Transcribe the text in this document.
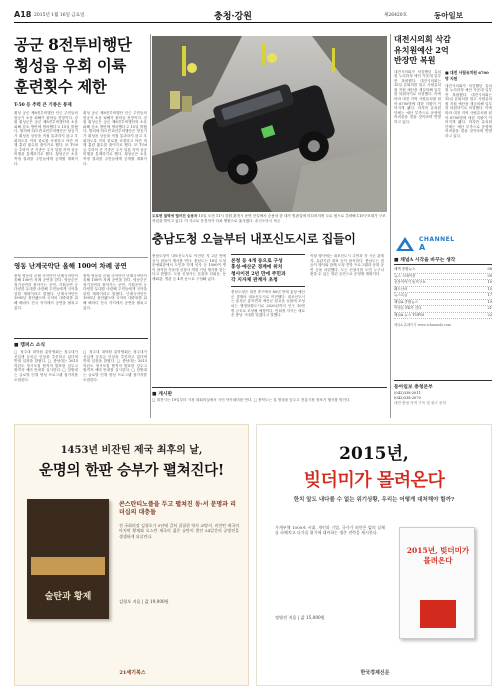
A18 2015년 1월 16일 금요일	충청·강원	제26420호	동아일보
공군 8전투비행단
횡성읍 우회 이륙
훈련횟수 제한
T-50 등 추력 큰 기종은 통제
횡성 공군 제8전투비행단 인근 주민들의 항공기 소음 피해가 줄어들 전망이다. 강원 횡성군은 공군 제8전투비행단과 소음 피해 감소 방안에 합의했다고 15일 밝혔다. 합의에 따르면 8전투비행단은 항공기가 횡성읍 상공을 직접 통과하지 않고 우회하도록 이륙 항로를 조정하고 야간 비행 훈련 횟수를 줄이기로 했다. 또 T-50 등 추력이 큰 기종은 주거 밀집 지역 상공 비행을 통제하기로 했다. 횡성군은 소음 측정 결과를 주민들에게 공개할 계획이다.
횡성 공군 제8전투비행단 인근 주민들의 항공기 소음 피해가 줄어들 전망이다. 강원 횡성군은 공군 제8전투비행단과 소음 피해 감소 방안에 합의했다고 15일 밝혔다. 합의에 따르면 8전투비행단은 항공기가 횡성읍 상공을 직접 통과하지 않고 우회하도록 이륙 항로를 조정하고 야간 비행 훈련 횟수를 줄이기로 했다. 또 T-50 등 추력이 큰 기종은 주거 밀집 지역 상공 비행을 통제하기로 했다. 횡성군은 소음 측정 결과를 주민들에게 공개할 계획이다.
영동 난계국악단 올해 100여 차례 공연
충북 영동의 군립 국악단인 난계국악단이 올해 100여 차례 공연을 한다. 영동군은 정기공연과 찾아가는 공연, 기획공연 등 다양한 무대를 마련해 주민들에게 국악을 알릴 계획이라고 밝혔다. 난계국악단은 1991년 창단됐으며 국악의 대중화를 위해 해마다 전국 각지에서 공연을 펼치고 있다.
충북 영동의 군립 국악단인 난계국악단이 올해 100여 차례 공연을 한다. 영동군은 정기공연과 찾아가는 공연, 기획공연 등 다양한 무대를 마련해 주민들에게 국악을 알릴 계획이라고 밝혔다. 난계국악단은 1991년 창단됐으며 국악의 대중화를 위해 해마다 전국 각지에서 공연을 펼치고 있다.
■ 캠퍼스 소식
□ 청주대 대학원 총학생회는 청주대가 신입생 등록금 인상을 추진하고 있다며 반대 입장을 밝혔다. □ 충남대는 2015학년도 정시모집 합격자 발표를 앞두고 합격자 예비 안내를 실시한다. □ 한밭대는 글로벌 인재 양성 프로그램 참가자를 모집한다.
□ 청주대 대학원 총학생회는 청주대가 신입생 등록금 인상을 추진하고 있다며 반대 입장을 밝혔다. □ 충남대는 2015학년도 정시모집 합격자 발표를 앞두고 합격자 예비 안내를 실시한다. □ 한밭대는 글로벌 인재 양성 프로그램 참가자를 모집한다.
도로변 절벽에 떨어진 승용차 15일 오전 11시 강원 춘천시 동면 산길에서 승용차 한 대가 빙판길에 미끄러지며 도로 옆으로 추락해 119구조대가 구조 작업을 벌이고 있다. 이 사고로 운전자가 다쳐 병원으로 옮겨졌다. 춘천소방서 제공
충남도청 오늘부터 내포신도시로 집들이
충남도청이 내포신도시로 이전한 지 2년 만에 공식 집들이 행사를 연다. 충남도는 16일 도청 문예회관에서 도민과 각계 인사 등 1000여 명이 참석한 가운데 신청사 개청 기념 행사를 갖는다고 밝혔다. 도청 신청사는 본관과 의회동, 문예회관, 별관 등 4개 동으로 구성돼 있다.
본청 등 4개 동으로 구성
홍성·예산군 경계에 위치
청사이전 2년 만에 주민과
각 지자체 관계자 초청
충남도청은 대전 중구에서 80년 만에 홍성·예산군 경계의 내포신도시로 이전했다. 내포신도시는 홍성군 홍북면과 예산군 삽교읍 일원에 조성되는 행정복합도시로 2020년까지 인구 10만 명 규모로 조성될 예정이다. 안희정 지사는 새로운 충남 시대를 열겠다고 말했다.
이날 행사에는 내포신도시 주민과 각 시군 관계자, 유관기관 대표 등이 참석한다. 충남도는 집들이 행사와 함께 도청 견학 프로그램과 문화 공연 등을 마련했다. 도는 신청사를 도민 누구나 찾을 수 있는 열린 공간으로 운영할 계획이다.
■ 게시판
□ 대전시는 19일부터 시청 대회의실에서 시민 아카데미를 연다. □ 충북도는 설 명절을 앞두고 전통시장 장보기 행사를 벌인다.
대전시의회 삭감
유치원예산 2억
반장만 복원
대전시의회가 삭감했던 유치원 누리과정 예산 가운데 일부만 복원했다. 대전시의회는 15일 본회의를 열고 사립유치원 지원 예산을 재심의해 일부를 복원하기로 의결했다. 이에 따라 대전 지역 사립유치원 원아 6700명에 대한 지원이 이어지게 됐다. 하지만 유치원 단체는 예산 부족으로 운영에 어려움을 겪을 것이라며 반발하고 있다.
■ 대전 사립유치원 6700명 지원
대전시의회가 삭감했던 유치원 누리과정 예산 가운데 일부만 복원했다. 대전시의회는 15일 본회의를 열고 사립유치원 지원 예산을 재심의해 일부를 복원하기로 의결했다. 이에 따라 대전 지역 사립유치원 원아 6700명에 대한 지원이 이어지게 됐다. 하지만 유치원 단체는 예산 부족으로 운영에 어려움을 겪을 것이라며 반발하고 있다.
CHANNEL
A
■ 채널A 시각을 바꾸는 생각
새벽 종합뉴스	06
뉴스 스테이션	09
신문이야기 돌직구쇼	10
쾌도난마	15
뉴스특급	17
채널A 종합뉴스	19
이영돈 PD가 간다	21
채널A 뉴스 TOP10	23
채널A 홈페이지 www.ichannela.com
동아일보 충청본부
(042)338-2011
(042)338-2070
대전·충청 지역 구독 및 광고 문의
1453년 비잔틴 제국 최후의 날,
운명의 한판 승부가 펼쳐진다!
술탄과 황제
콘스탄티노플을 두고 펼쳐진 동·서 문명과 리더십의 대충돌
전 국회의장 김형오가 5년에 걸쳐 집필한 역사 교양서. 비잔틴 제국의 마지막 황제와 오스만 제국의 젊은 술탄이 벌인 54일간의 공방전을 생생하게 되살린다.
김형오 지음 | 값 19,000원
21세기북스
2015년,
빚더미가 몰려온다
한치 앞도 내다볼 수 없는 위기상황, 우리는 어떻게 대처해야 할까?
가계부채 1000조 시대, 개인과 기업, 국가가 떠안은 빚의 실체를 파헤치고 다가올 위기에 대비하는 생존 전략을 제시한다.
정영진 지음 | 값 15,000원
2015년, 빚더미가 몰려온다
한국경제신문
